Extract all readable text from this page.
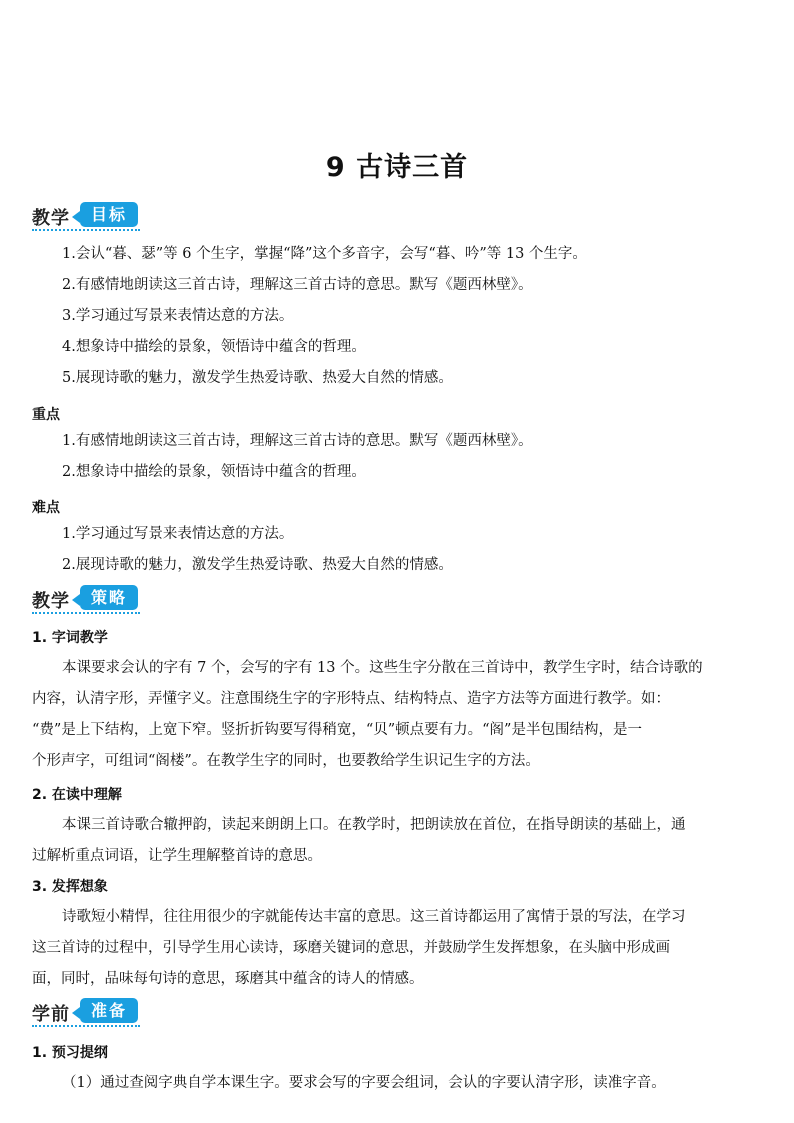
9 古诗三首
教学	目标
1.会认“暮、瑟”等 6 个生字，掌握“降”这个多音字，会写“暮、吟”等 13 个生字。
2.有感情地朗读这三首古诗，理解这三首古诗的意思。默写《题西林壁》。
3.学习通过写景来表情达意的方法。
4.想象诗中描绘的景象，领悟诗中蕴含的哲理。
5.展现诗歌的魅力，激发学生热爱诗歌、热爱大自然的情感。
重点
1.有感情地朗读这三首古诗，理解这三首古诗的意思。默写《题西林壁》。
2.想象诗中描绘的景象，领悟诗中蕴含的哲理。
难点
1.学习通过写景来表情达意的方法。
2.展现诗歌的魅力，激发学生热爱诗歌、热爱大自然的情感。
教学	策略
1. 字词教学
本课要求会认的字有 7 个，会写的字有 13 个。这些生字分散在三首诗中，教学生字时，结合诗歌的
内容，认清字形，弄懂字义。注意围绕生字的字形特点、结构特点、造字方法等方面进行教学。如：
“费”是上下结构，上宽下窄。竖折折钩要写得稍宽，“贝”顿点要有力。“阁”是半包围结构，是一
个形声字，可组词“阁楼”。在教学生字的同时，也要教给学生识记生字的方法。
2. 在读中理解
本课三首诗歌合辙押韵，读起来朗朗上口。在教学时，把朗读放在首位，在指导朗读的基础上，通
过解析重点词语，让学生理解整首诗的意思。
3. 发挥想象
诗歌短小精悍，往往用很少的字就能传达丰富的意思。这三首诗都运用了寓情于景的写法，在学习
这三首诗的过程中，引导学生用心读诗，琢磨关键词的意思，并鼓励学生发挥想象，在头脑中形成画
面，同时，品味每句诗的意思，琢磨其中蕴含的诗人的情感。
学前	准备
1. 预习提纲
（1）通过查阅字典自学本课生字。要求会写的字要会组词，会认的字要认清字形，读准字音。
